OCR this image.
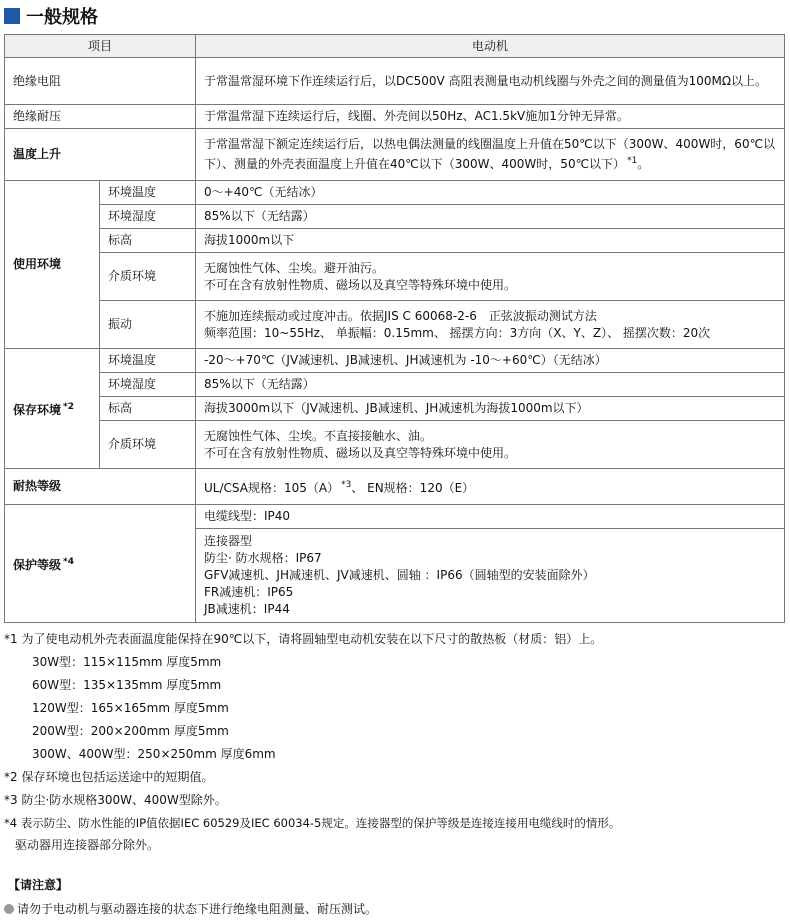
一般规格
项目		电动机
绝缘电阻		于常温常湿环境下作连续运行后，以DC500V 高阻表测量电动机线圈与外壳之间的测量值为100MΩ以上。
绝缘耐压		于常温常湿下连续运行后，线圈、外壳间以50Hz、AC1.5kV施加1分钟无异常。
温度上升		于常温常湿下额定连续运行后，以热电偶法测量的线圈温度上升值在50℃以下（300W、400W时，60℃以下）、测量的外壳表面温度上升值在40℃以下（300W、400W时，50℃以下） $^{*1}$。
使用环境	环境温度	0～+40℃（无结冰）
	环境湿度	85%以下（无结露）
	标高	海拔1000m以下
	介质环境	无腐蚀性气体、尘埃。避开油污。
不可在含有放射性物质、磁场以及真空等特殊环境中使用。

	振动	不施加连续振动或过度冲击。依据JIS C 60068-2-6　正弦波振动测试方法
频率范围：10~55Hz、 单振幅：0.15mm、 摇摆方向：3方向（X、Y、Z）、 摇摆次数：20次

保存环境 $^{*2}$	环境温度	-20～+70℃（JV减速机、JB减速机、JH减速机为 -10～+60℃）（无结冰）
	环境湿度	85%以下（无结露）
	标高	海拔3000m以下（JV减速机、JB减速机、JH减速机为海拔1000m以下）
	介质环境	无腐蚀性气体、尘埃。不直接接触水、油。
不可在含有放射性物质、磁场以及真空等特殊环境中使用。

耐热等级		UL/CSA规格：105（A） $^{*3}$、 EN规格：120（E）
保护等级 $^{*4}$		电缆线型：IP40

		连接器型
防尘· 防水规格：IP67
GFV减速机、JH减速机、JV减速机、圆轴 ：IP66（圆轴型的安装面除外）
FR减速机：IP65
JB减速机：IP44
*1 为了使电动机外壳表面温度能保持在90℃以下，请将圆轴型电动机安装在以下尺寸的散热板（材质：铝）上。
30W型：115×115mm 厚度5mm
60W型：135×135mm 厚度5mm
120W型：165×165mm 厚度5mm
200W型：200×200mm 厚度5mm
300W、400W型：250×250mm 厚度6mm
*2 保存环境也包括运送途中的短期值。
*3 防尘·防水规格300W、400W型除外。
*4 表示防尘、防水性能的IP值依据IEC 60529及IEC 60034-5规定。连接器型的保护等级是连接连接用电缆线时的情形。
驱动器用连接器部分除外。
【请注意】
请勿于电动机与驱动器连接的状态下进行绝缘电阻测量、耐压测试。
